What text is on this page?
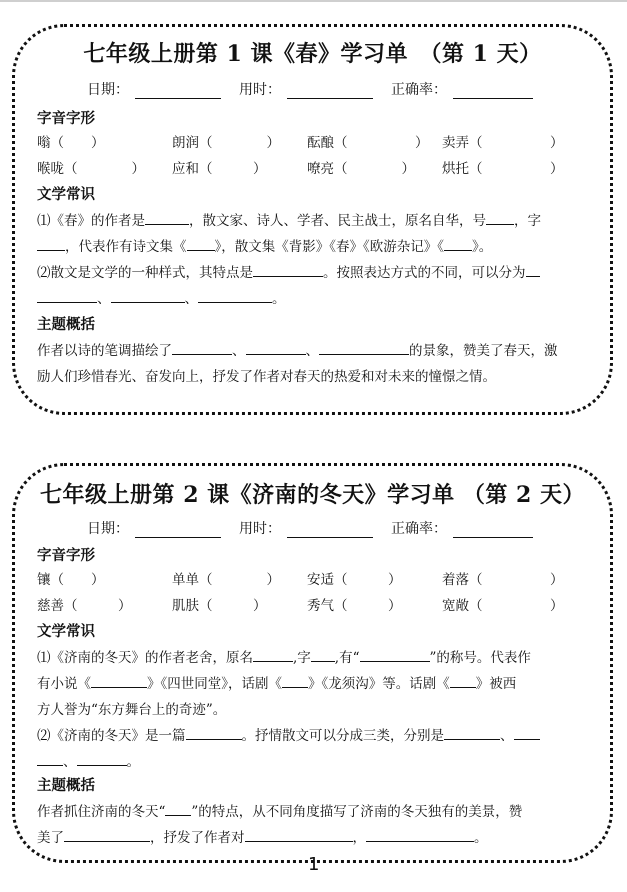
七年级上册第 1 课《春》学习单　（第 1 天）
日期：	用时：	正确率：
字音字形
嗡（　　）	朗润（　　　　） 酝酿（　　　　　） 卖弄（　　　　　）
喉咙（　　　　） 应和（　　　）	嘹亮（　　　　） 烘托（　　　　　）
文学常识
⑴《春》的作者是	，散文家、诗人、学者、民主战士，原名自华，号 ，字
，代表作有诗文集《 》，散文集《背影》《春》《欧游杂记》《 》。
⑵散文是文学的一种样式，其特点是	。按照表达方式的不同，可以分为
、	、	。
主题概括
作者以诗的笔调描绘了	、	、	的景象，赞美了春天，激
励人们珍惜春光、奋发向上，抒发了作者对春天的热爱和对未来的憧憬之情。
七年级上册第 2 课《济南的冬天》学习单 （第 2 天）
日期：	用时：	正确率：
字音字形
镶（　　）	单单（　　　　） 安适（　　　）	着落（　　　　　）
慈善（　　　）	肌肤（　　　）	秀气（　　　）	宽敞（　　　　　）
文学常识
⑴《济南的冬天》的作者老舍，原名	,字 ,有“	”的称号。代表作
有小说《	》《四世同堂》，话剧《 》《龙须沟》等。话剧《 》被西
方人誉为“东方舞台上的奇迹”。
⑵《济南的冬天》是一篇	。抒情散文可以分成三类，分别是	、
、	。
主题概括
作者抓住济南的冬天“ ”的特点，从不同角度描写了济南的冬天独有的美景，赞
美了	，抒发了作者对	，	。
1
